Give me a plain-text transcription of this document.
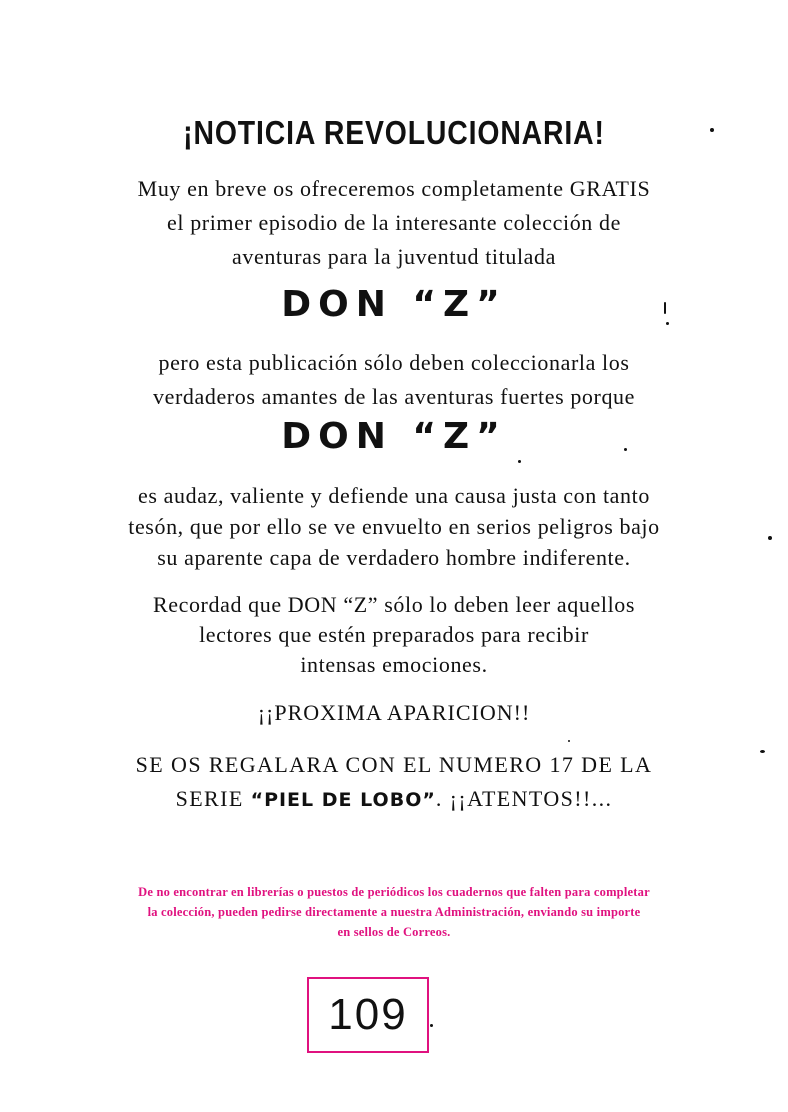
¡NOTICIA REVOLUCIONARIA!
Muy en breve os ofreceremos completamente GRATIS
el primer episodio de la interesante colección de
aventuras para la juventud titulada
DON “Z”
pero esta publicación sólo deben coleccionarla los
verdaderos amantes de las aventuras fuertes porque
DON “Z”
es audaz, valiente y defiende una causa justa con tanto
tesón, que por ello se ve envuelto en serios peligros bajo
su aparente capa de verdadero hombre indiferente.
Recordad que DON “Z” sólo lo deben leer aquellos
lectores que estén preparados para recibir
intensas emociones.
¡¡PROXIMA APARICION!!
SE OS REGALARA CON EL NUMERO 17 DE LA
SERIE “PIEL DE LOBO”. ¡¡ATENTOS!!...
De no encontrar en librerías o puestos de periódicos los cuadernos que falten para completar
la colección, pueden pedirse directamente a nuestra Administración, enviando su importe
en sellos de Correos.
109
